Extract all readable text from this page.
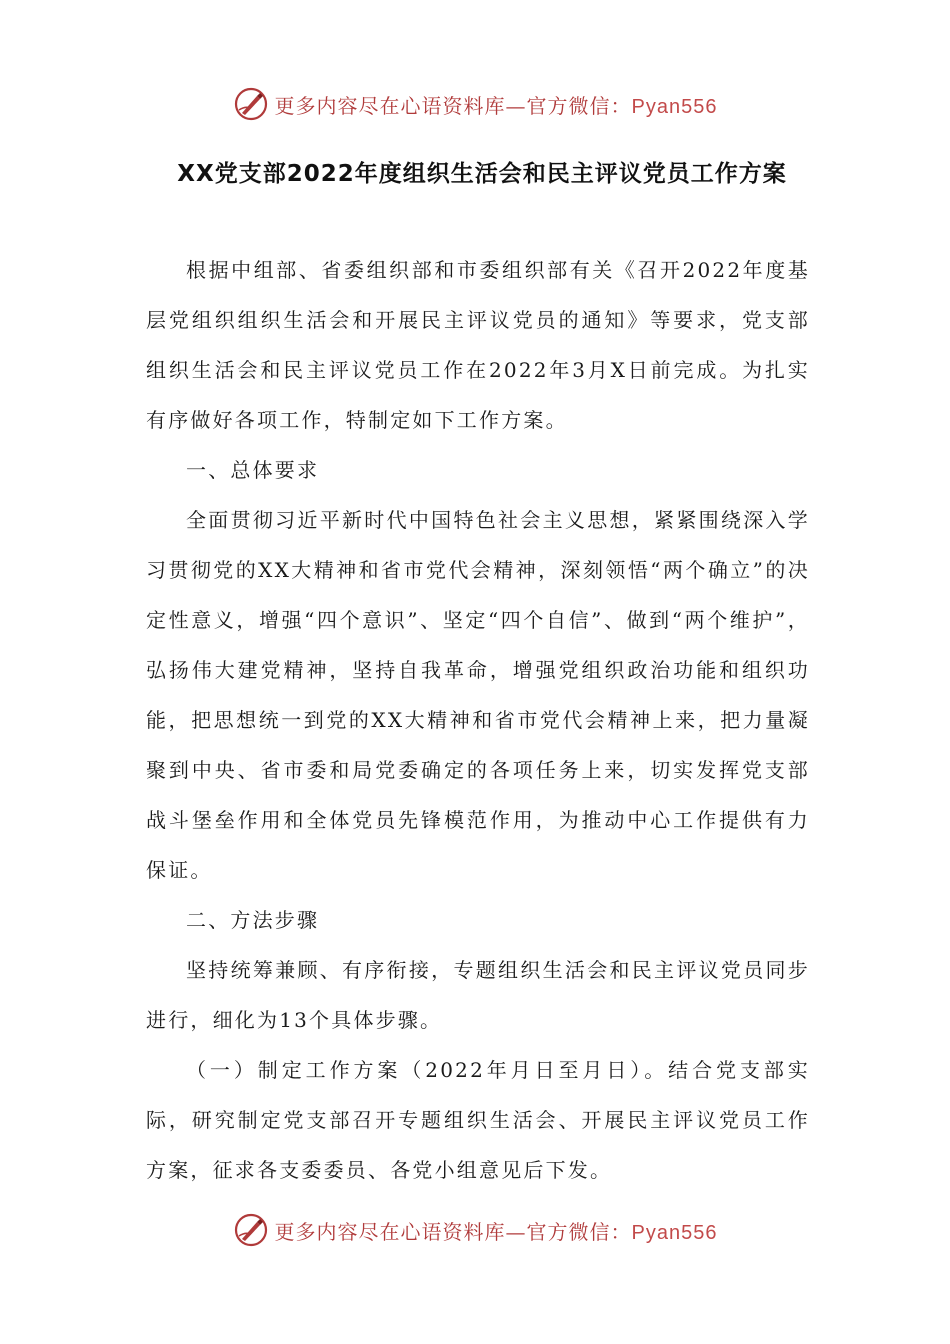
更多内容尽在心语资料库—官方微信：Pyan556
XX党支部2022年度组织生活会和民主评议党员工作方案

根据中组部、省委组织部和市委组织部有关《召开2022年度基层党组织组织生活会和开展民主评议党员的通知》等要求，党支部组织生活会和民主评议党员工作在2022年3月X日前完成。为扎实有序做好各项工作，特制定如下工作方案。

一、总体要求

全面贯彻习近平新时代中国特色社会主义思想，紧紧围绕深入学习贯彻党的XX大精神和省市党代会精神，深刻领悟“两个确立”的决定性意义，增强“四个意识”、坚定“四个自信”、做到“两个维护”，弘扬伟大建党精神，坚持自我革命，增强党组织政治功能和组织功能，把思想统一到党的XX大精神和省市党代会精神上来，把力量凝聚到中央、省市委和局党委确定的各项任务上来，切实发挥党支部战斗堡垒作用和全体党员先锋模范作用，为推动中心工作提供有力保证。

二、方法步骤

坚持统筹兼顾、有序衔接，专题组织生活会和民主评议党员同步进行，细化为13个具体步骤。

（一）制定工作方案（2022年月日至月日）。结合党支部实际，研究制定党支部召开专题组织生活会、开展民主评议党员工作方案，征求各支委委员、各党小组意见后下发。

更多内容尽在心语资料库—官方微信：Pyan556
